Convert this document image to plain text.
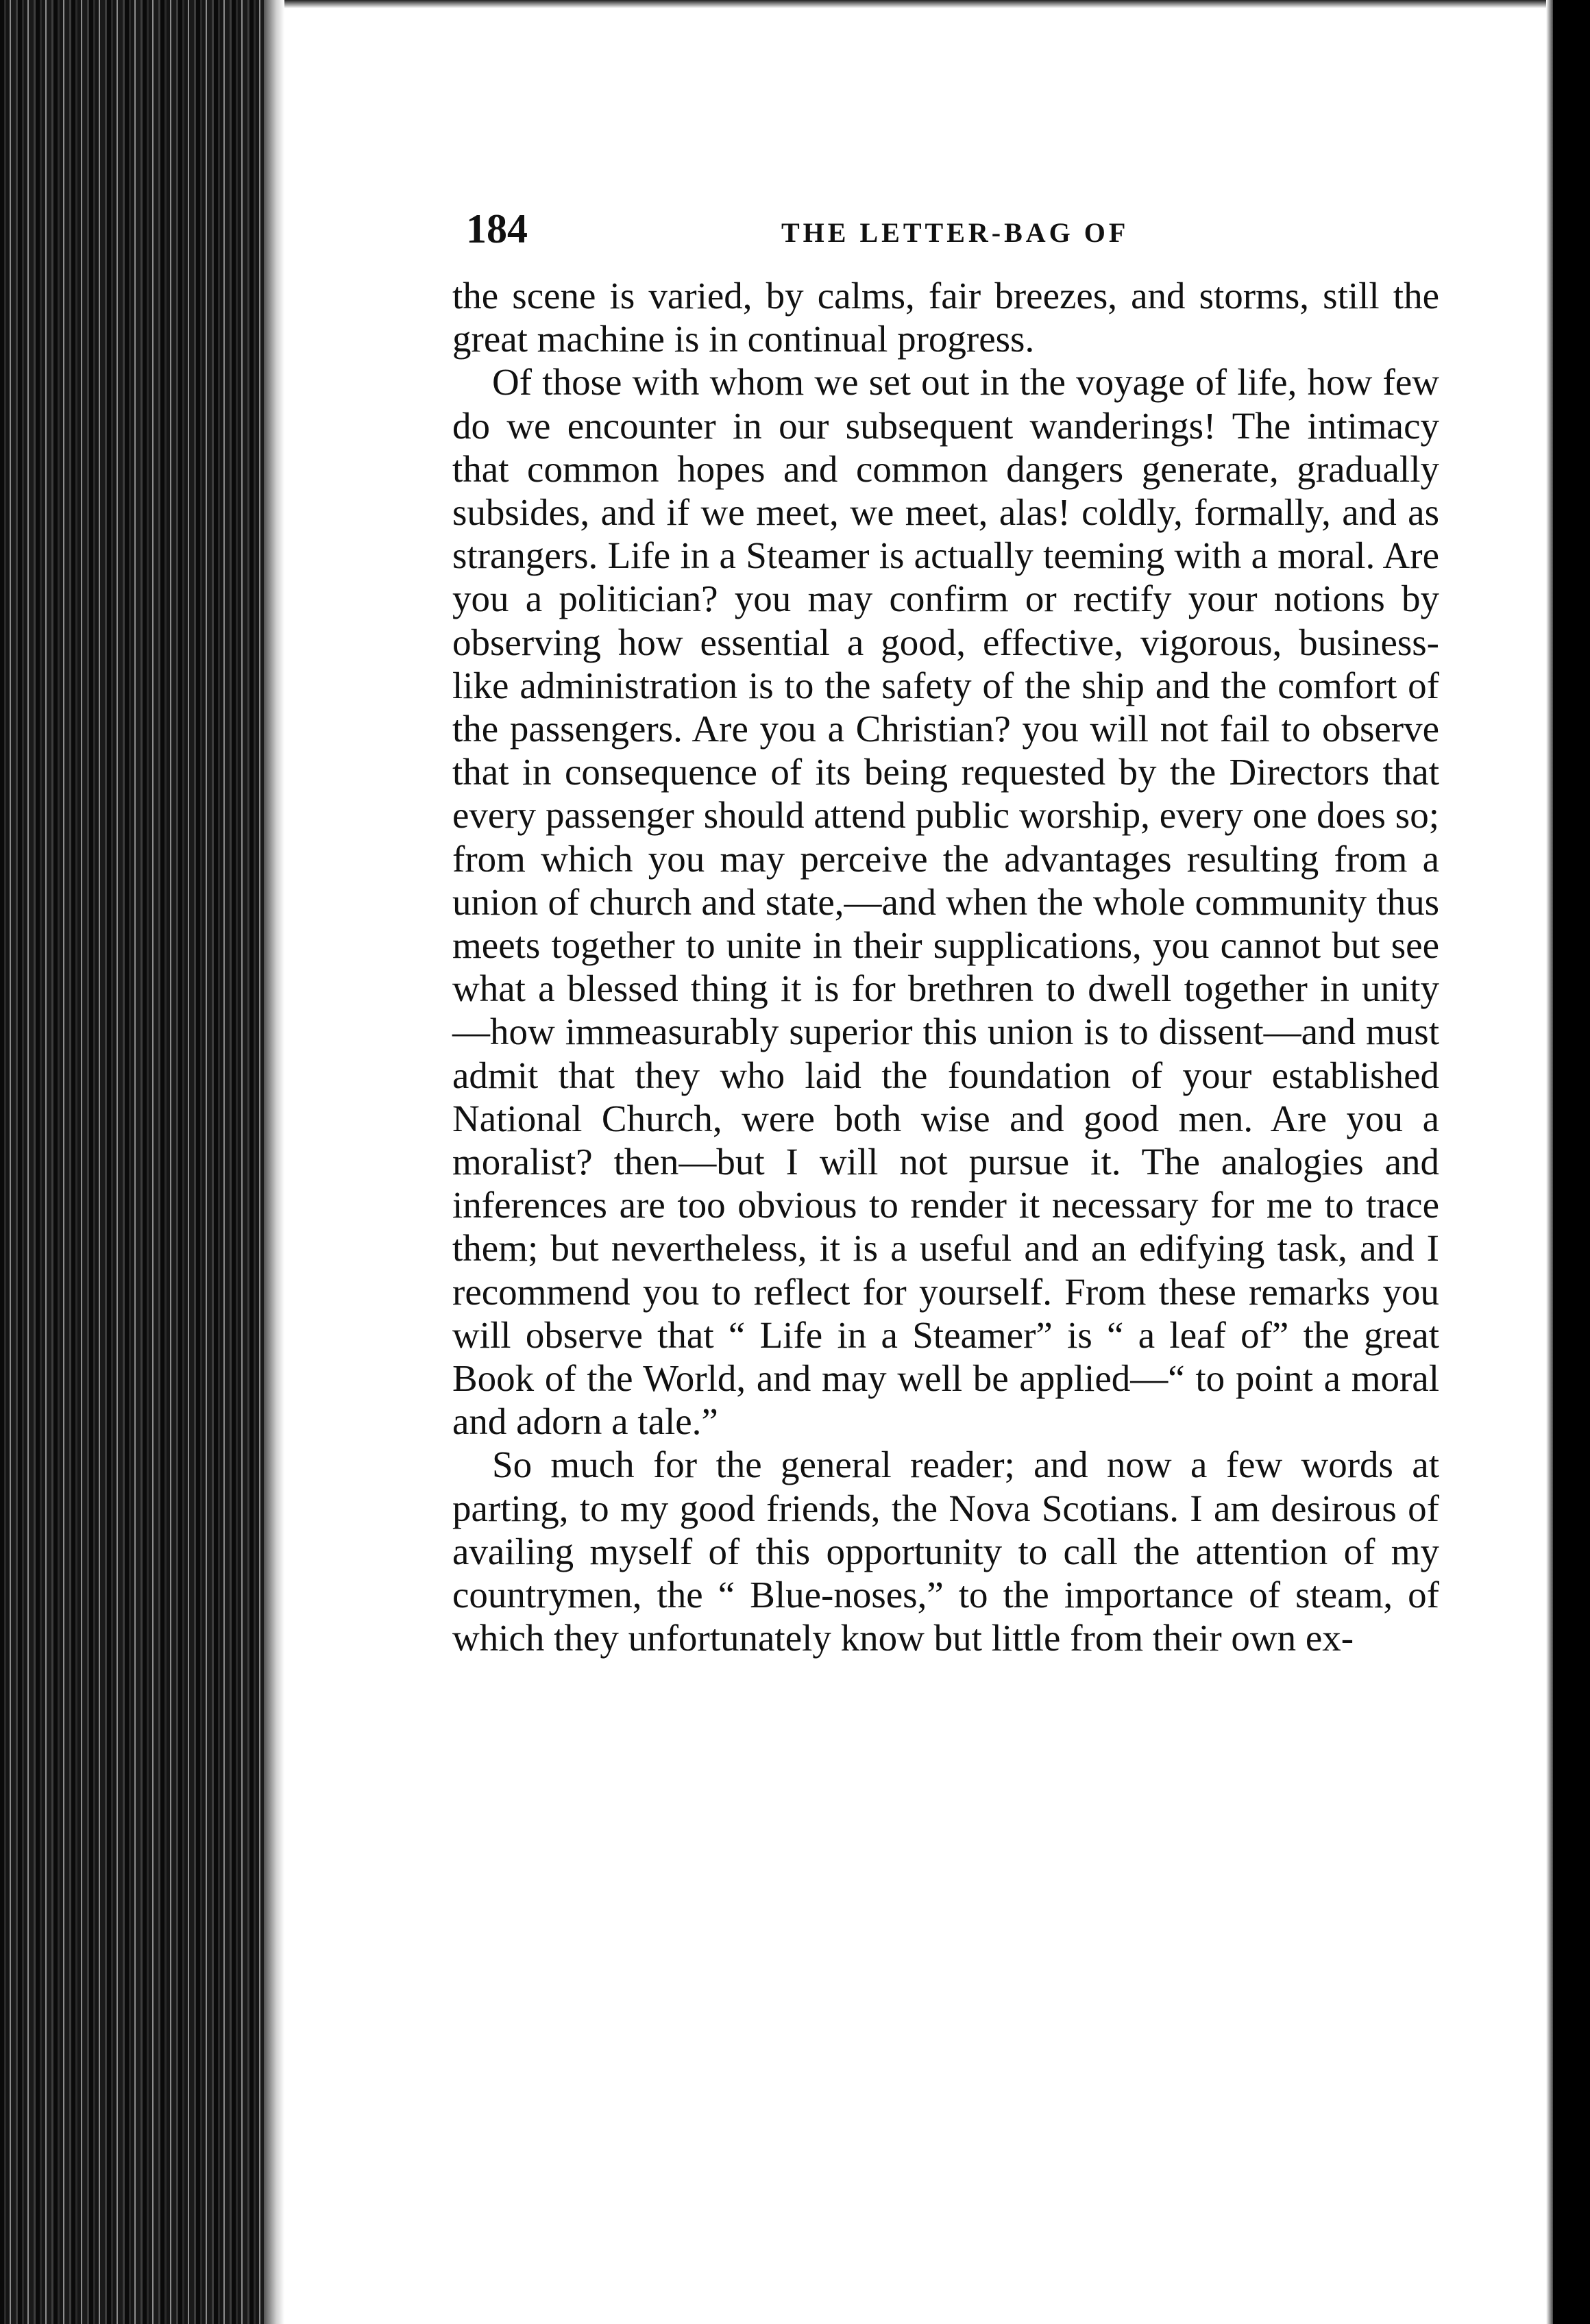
184	THE LETTER-BAG OF

the scene is varied, by calms, fair breezes, and storms, still the great machine is in continual progress.

Of those with whom we set out in the voyage of life, how few do we encounter in our subsequent wanderings! The intimacy that common hopes and common dangers generate, gradually subsides, and if we meet, we meet, alas! coldly, formally, and as strangers. Life in a Steamer is actually teeming with a moral. Are you a politician? you may confirm or rectify your notions by observing how essential a good, effective, vigorous, business-like administration is to the safety of the ship and the comfort of the passengers. Are you a Christian? you will not fail to observe that in consequence of its being requested by the Directors that every passenger should attend public worship, every one does so; from which you may perceive the advantages resulting from a union of church and state,—and when the whole community thus meets together to unite in their supplications, you cannot but see what a blessed thing it is for brethren to dwell together in unity—how immeasurably superior this union is to dissent—and must admit that they who laid the foundation of your established National Church, were both wise and good men. Are you a moralist? then—but I will not pursue it. The analogies and inferences are too obvious to render it necessary for me to trace them; but nevertheless, it is a useful and an edifying task, and I recommend you to reflect for yourself. From these remarks you will observe that “ Life in a Steamer” is “ a leaf of” the great Book of the World, and may well be applied—“ to point a moral and adorn a tale.”

So much for the general reader; and now a few words at parting, to my good friends, the Nova Scotians. I am desirous of availing myself of this opportunity to call the attention of my countrymen, the “ Blue-noses,” to the importance of steam, of which they unfortunately know but little from their own ex-
